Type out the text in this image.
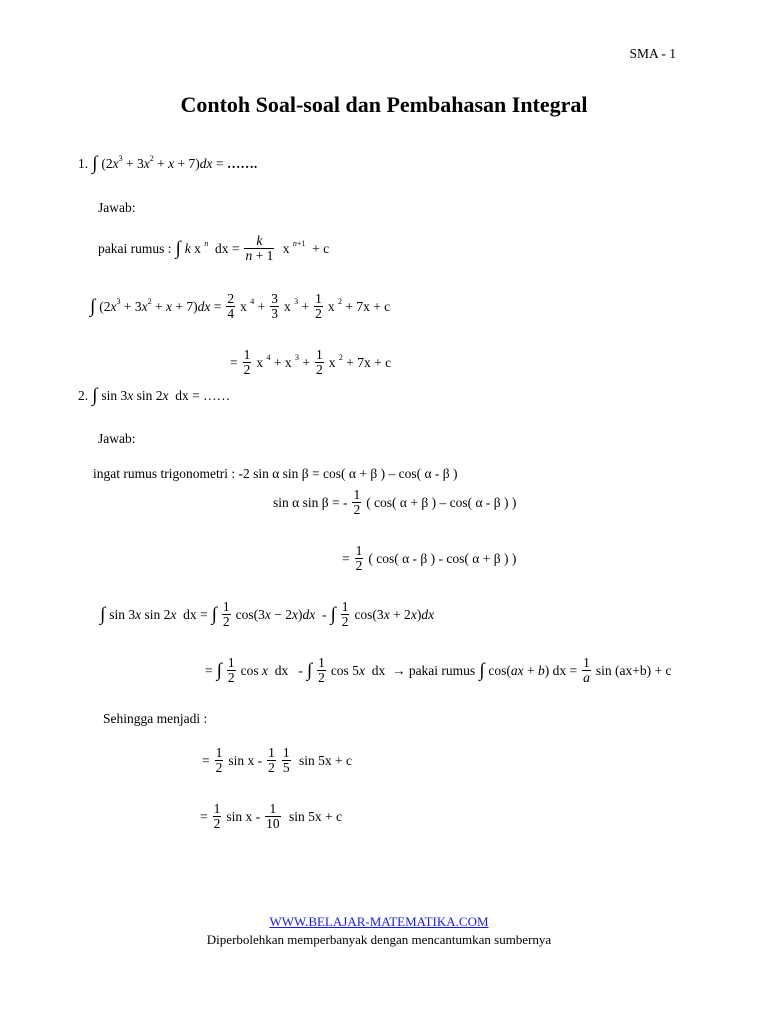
SMA - 1
Contoh Soal-soal dan Pembahasan Integral
1. ∫ $(2x^3 + 3x^2 + x + 7)dx$ = …….
Jawab:
pakai rumus : ∫ k x $^n$  dx = $\frac{k}{n + 1}$ x $^{n+1}$  + c
∫ $(2x^3 + 3x^2 + x + 7)dx = \frac{2}{4}$ x $^4 + \frac{3}{3}$ x $^3 + \frac{1}{2}$ x $^2$ + 7x + c
= $\frac{1}{2}$ x $^4$ + x $^3 + \frac{1}{2}$ x $^2$ + 7x + c
2. ∫ sin 3x sin 2x  dx = ……
Jawab:
ingat rumus trigonometri : -2 sin α sin β = cos( α + β ) – cos( α - β )
sin α sin β = - $\frac{1}{2}$ ( cos( α + β ) – cos( α - β ) )
= $\frac{1}{2}$ ( cos( α - β ) - cos( α + β ) )
∫ sin 3x sin 2x  dx = ∫ $\frac{1}{2} \cos(3x - 2x)dx$  - ∫ $\frac{1}{2} \cos(3x + 2x)dx$
= ∫ $\frac{1}{2}$ cos x  dx   - ∫ $\frac{1}{2}$ cos 5x  dx  → pakai rumus ∫ cos(ax + b) dx = $\frac{1}{a}$ sin (ax+b) + c
Sehingga menjadi :
= $\frac{1}{2}$ sin x - $\frac{1}{2} \frac{1}{5}$ sin 5x + c
= $\frac{1}{2}$ sin x - $\frac{1}{10}$ sin 5x + c
WWW.BELAJAR-MATEMATIKA.COM
Diperbolehkan memperbanyak dengan mencantumkan sumbernya
